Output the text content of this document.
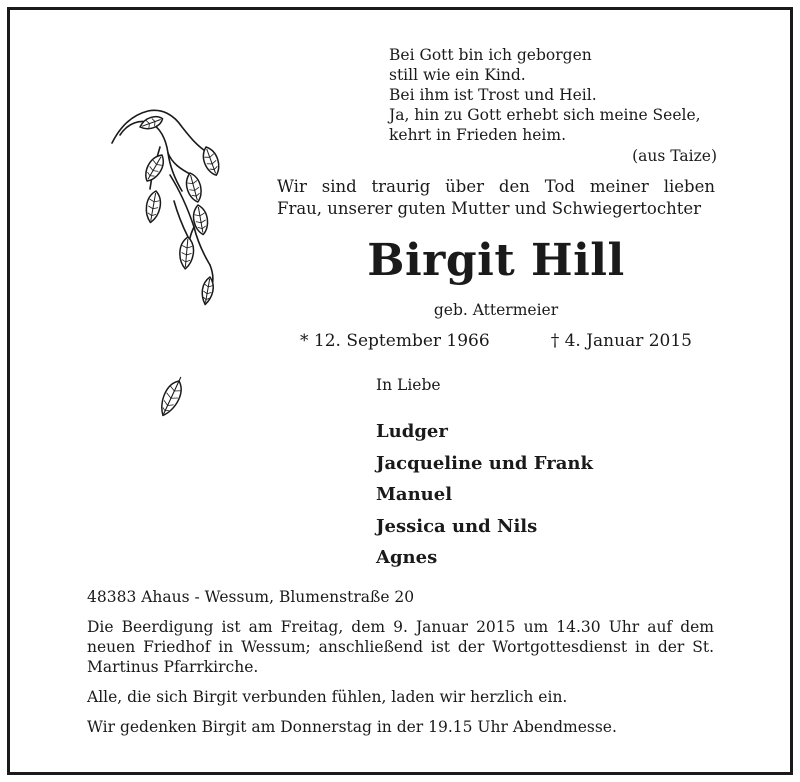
Bei Gott bin ich geborgen
still wie ein Kind.
Bei ihm ist Trost und Heil.
Ja, hin zu Gott erhebt sich meine Seele,
kehrt in Frieden heim.
(aus Taize)
Wir sind traurig über den Tod meiner lieben
Frau, unserer guten Mutter und Schwiegertochter
Birgit Hill
geb. Attermeier
* 12. September 1966	† 4. Januar 2015
In Liebe
Ludger
Jacqueline und Frank
Manuel
Jessica und Nils
Agnes
48383 Ahaus - Wessum, Blumenstraße 20
Die Beerdigung ist am Freitag, dem 9. Januar 2015 um 14.30 Uhr auf dem neuen Friedhof in Wessum; anschließend ist der Wortgottesdienst in der St. Martinus Pfarrkirche.
Alle, die sich Birgit verbunden fühlen, laden wir herzlich ein.
Wir gedenken Birgit am Donnerstag in der 19.15 Uhr Abendmesse.
